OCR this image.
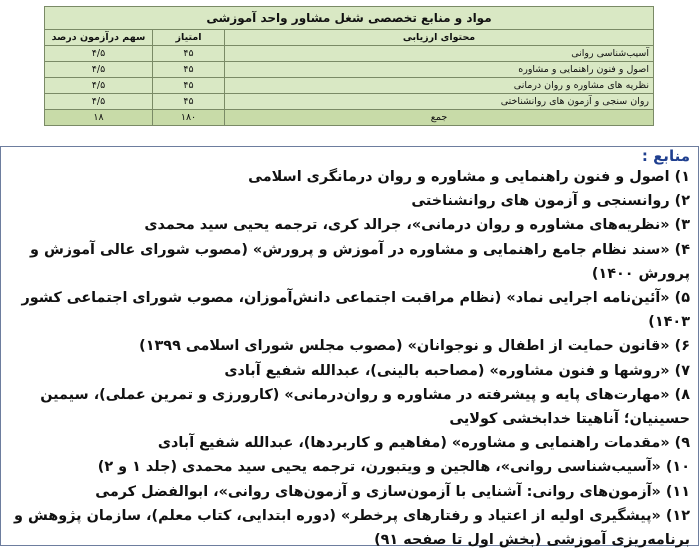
مواد و منابع تخصصی شغل مشاور واحد آموزشی		
محتوای ارزیابی	امتیاز	سهم درآزمون درصد
آسیب‌شناسی روانی	۴۵	۴/۵
اصول و فنون راهنمایی و مشاوره	۴۵	۴/۵
نظریه های مشاوره و روان درمانی	۴۵	۴/۵
روان سنجی و آزمون های روانشناختی	۴۵	۴/۵
جمع	۱۸۰	۱۸
منابع :

۱) اصول و فنون راهنمایی و مشاوره و روان درمانگری اسلامی

۲) روانسنجی و آزمون های روانشناختی

۳) «نظریه‌های مشاوره و روان درمانی»، جرالد کری، ترجمه یحیی سید محمدی

۴) «سند نظام جامع راهنمایی و مشاوره در آموزش و پرورش» (مصوب شورای عالی آموزش و پرورش ۱۴۰۰)

۵) «آئین‌نامه اجرایی نماد» (نظام مراقبت اجتماعی دانش‌آموزان، مصوب شورای اجتماعی کشور ۱۴۰۳)

۶) «قانون حمایت از اطفال و نوجوانان» (مصوب مجلس شورای اسلامی ۱۳۹۹)

۷) «روشها و فنون مشاوره» (مصاحبه بالینی)، عبدالله شفیع آبادی

۸) «مهارت‌های پایه و پیشرفته در مشاوره و روان‌درمانی» (کارورزی و تمرین عملی)، سیمین حسینیان؛ آناهیتا خدابخشی کولایی

۹) «مقدمات راهنمایی و مشاوره» (مفاهیم و کاربردها)، عبدالله شفیع آبادی

۱۰) «آسیب‌شناسی روانی»، هالجین و ویتبورن، ترجمه یحیی سید محمدی (جلد ۱ و ۲)

۱۱) «آزمون‌های روانی: آشنایی با آزمون‌سازی و آزمون‌های روانی»، ابوالفضل کرمی

۱۲) «پیشگیری اولیه از اعتیاد و رفتارهای پرخطر» (دوره ابتدایی، کتاب معلم)، سازمان پژوهش و برنامه‌ریزی آموزشی (بخش اول تا صفحه ۹۱)
